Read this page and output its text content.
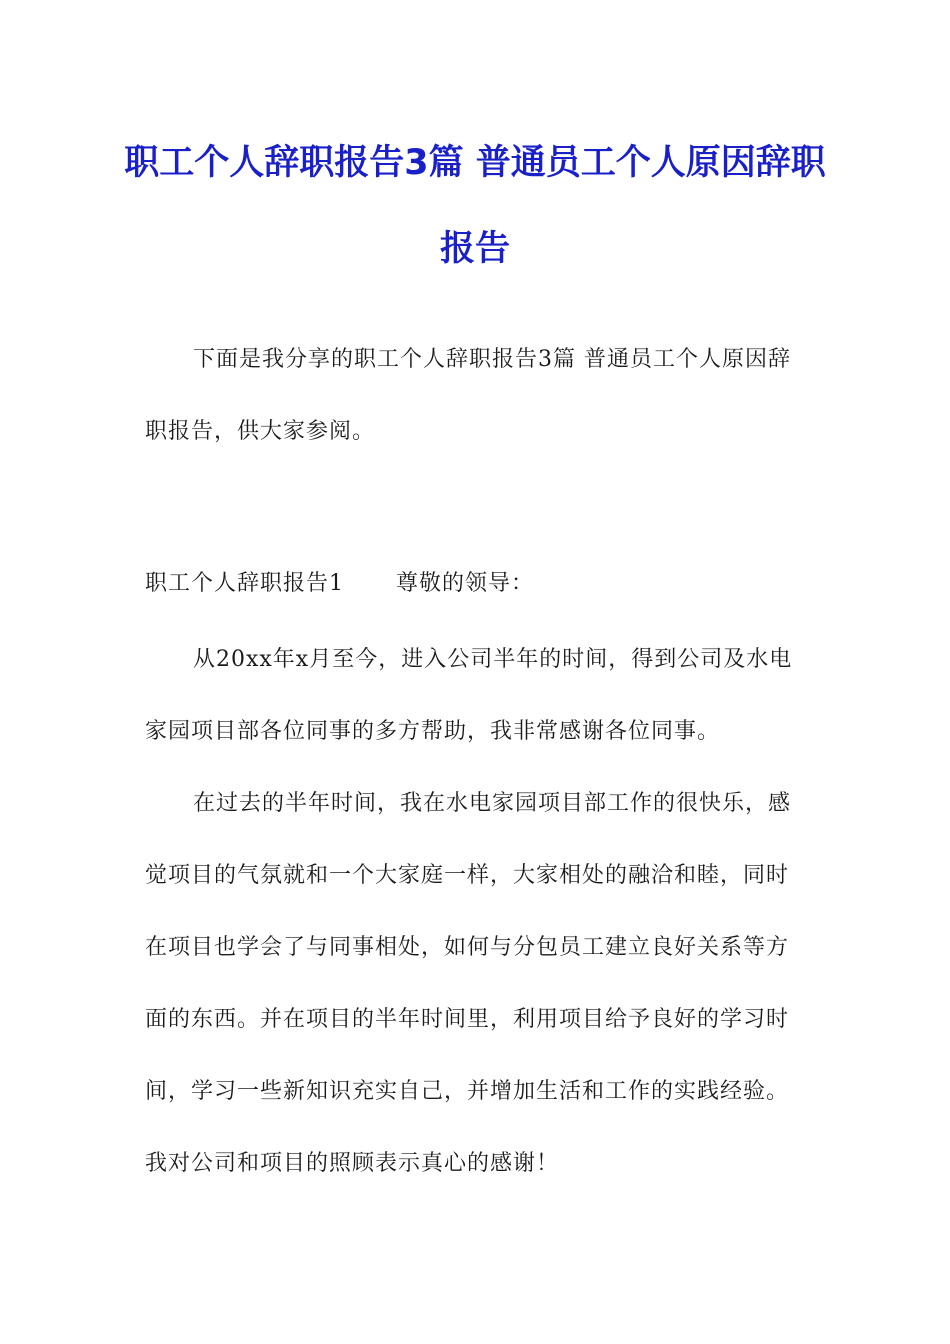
职工个人辞职报告3篇 普通员工个人原因辞职报告

下面是我分享的职工个人辞职报告3篇 普通员工个人原因辞职报告，供大家参阅。

职工个人辞职报告1 尊敬的领导：

从20xx年x月至今，进入公司半年的时间，得到公司及水电家园项目部各位同事的多方帮助，我非常感谢各位同事。

在过去的半年时间，我在水电家园项目部工作的很快乐，感觉项目的气氛就和一个大家庭一样，大家相处的融洽和睦，同时在项目也学会了与同事相处，如何与分包员工建立良好关系等方面的东西。并在项目的半年时间里，利用项目给予良好的学习时间，学习一些新知识充实自己，并增加生活和工作的实践经验。我对公司和项目的照顾表示真心的感谢！
